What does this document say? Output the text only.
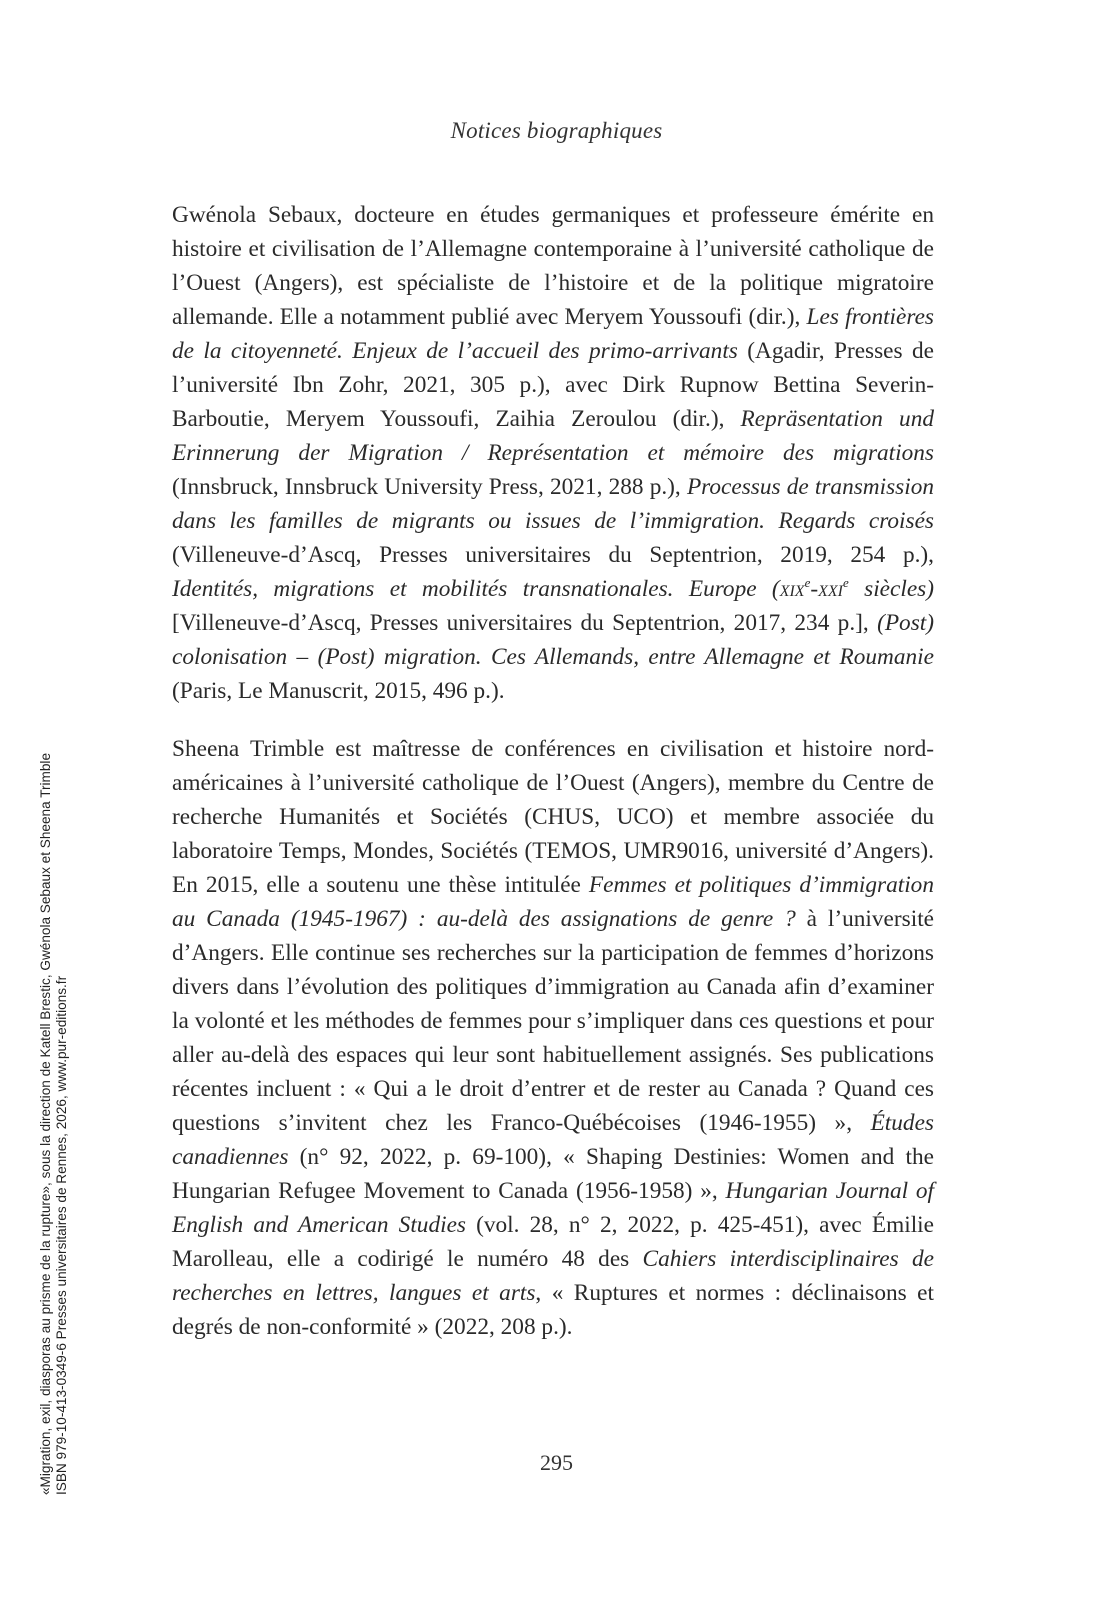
Notices biographiques

Gwénola Sebaux, docteure en études germaniques et professeure émérite en histoire et civilisation de l’Allemagne contemporaine à l’université catholique de l’Ouest (Angers), est spécialiste de l’histoire et de la politique migratoire allemande. Elle a notamment publié avec Meryem Youssoufi (dir.), Les frontières de la citoyenneté. Enjeux de l’accueil des primo-arrivants (Agadir, Presses de l’université Ibn Zohr, 2021, 305 p.), avec Dirk Rupnow Bettina Severin-Barboutie, Meryem Youssoufi, Zaihia Zeroulou (dir.), Repräsentation und Erinnerung der Migration / Représentation et mémoire des migrations (Innsbruck, Innsbruck University Press, 2021, 288 p.), Processus de transmission dans les familles de migrants ou issues de l’immigration. Regards croisés (Villeneuve-d’Ascq, Presses universitaires du Septentrion, 2019, 254 p.), Identités, migrations et mobilités transnationales. Europe (xix$^e$-xxi$^e$ siècles) [Villeneuve-d’Ascq, Presses universitaires du Septentrion, 2017, 234 p.], (Post) colonisation – (Post) migration. Ces Allemands, entre Allemagne et Roumanie (Paris, Le Manuscrit, 2015, 496 p.).

Sheena Trimble est maîtresse de conférences en civilisation et histoire nord-américaines à l’université catholique de l’Ouest (Angers), membre du Centre de recherche Humanités et Sociétés (CHUS, UCO) et membre associée du laboratoire Temps, Mondes, Sociétés (TEMOS, UMR9016, université d’Angers). En 2015, elle a soutenu une thèse intitulée Femmes et politiques d’immigration au Canada (1945-1967) : au-delà des assignations de genre ? à l’université d’Angers. Elle continue ses recherches sur la participation de femmes d’horizons divers dans l’évolution des politiques d’immigration au Canada afin d’examiner la volonté et les méthodes de femmes pour s’impliquer dans ces questions et pour aller au-delà des espaces qui leur sont habituellement assignés. Ses publications récentes incluent : « Qui a le droit d’entrer et de rester au Canada ? Quand ces questions s’invitent chez les Franco-Québécoises (1946-1955) », Études canadiennes (n° 92, 2022, p. 69-100), « Shaping Destinies: Women and the Hungarian Refugee Movement to Canada (1956-1958) », Hungarian Journal of English and American Studies (vol. 28, n° 2, 2022, p. 425-451), avec Émilie Marolleau, elle a codirigé le numéro 48 des Cahiers interdisciplinaires de recherches en lettres, langues et arts, « Ruptures et normes : déclinaisons et degrés de non-conformité » (2022, 208 p.).

295
«Migration, exil, diasporas au prisme de la rupture», sous la direction de Katell Brestic, Gwénola Sebaux et Sheena Trimble ISBN 979-10-413-0349-6 Presses universitaires de Rennes, 2026, www.pur-editions.fr
